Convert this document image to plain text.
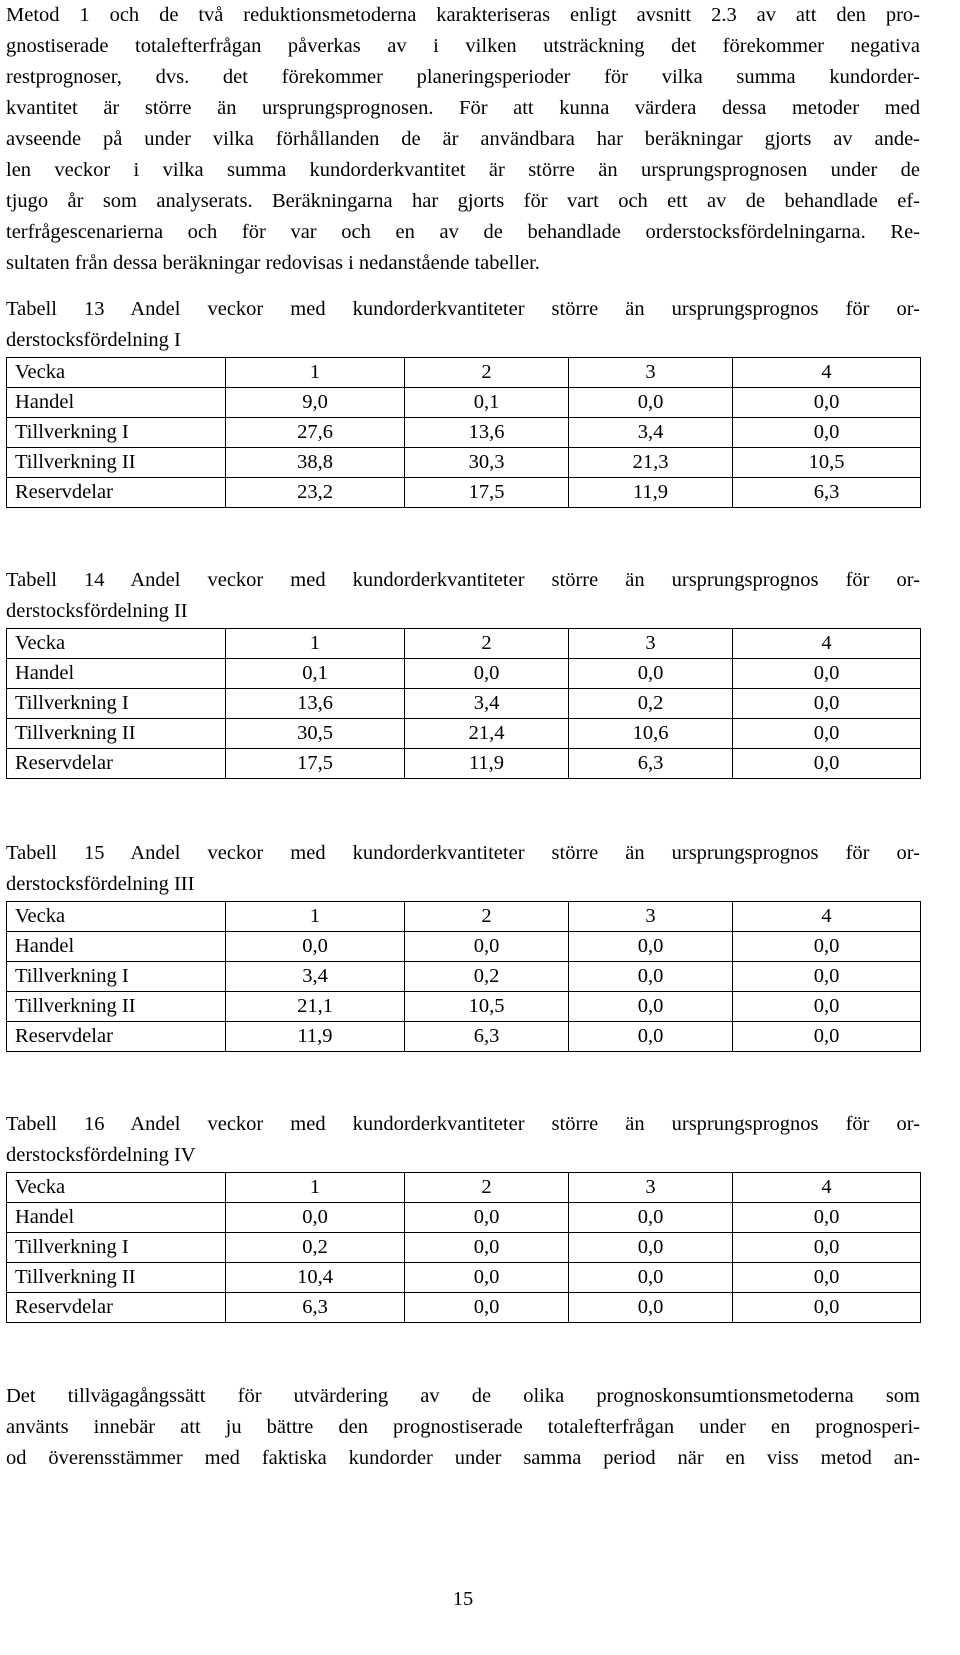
Metod 1 och de två reduktionsmetoderna karakteriseras enligt avsnitt 2.3 av att den pro-
gnostiserade totalefterfrågan påverkas av i vilken utsträckning det förekommer negativa
restprognoser, dvs. det förekommer planeringsperioder för vilka summa kundorder-
kvantitet är större än ursprungsprognosen. För att kunna värdera dessa metoder med
avseende på under vilka förhållanden de är användbara har beräkningar gjorts av ande-
len veckor i vilka summa kundorderkvantitet är större än ursprungsprognosen under de
tjugo år som analyserats. Beräkningarna har gjorts för vart och ett av de behandlade ef-
terfrågescenarierna och för var och en av de behandlade orderstocksfördelningarna. Re-
sultaten från dessa beräkningar redovisas i nedanstående tabeller.
Tabell 13 Andel veckor med kundorderkvantiteter större än ursprungsprognos för or-
derstocksfördelning I
Vecka	1	2	3	4
Handel	9,0	0,1	0,0	0,0
Tillverkning I	27,6	13,6	3,4	0,0
Tillverkning II	38,8	30,3	21,3	10,5
Reservdelar	23,2	17,5	11,9	6,3
Tabell 14 Andel veckor med kundorderkvantiteter större än ursprungsprognos för or-
derstocksfördelning II
Vecka	1	2	3	4
Handel	0,1	0,0	0,0	0,0
Tillverkning I	13,6	3,4	0,2	0,0
Tillverkning II	30,5	21,4	10,6	0,0
Reservdelar	17,5	11,9	6,3	0,0
Tabell 15 Andel veckor med kundorderkvantiteter större än ursprungsprognos för or-
derstocksfördelning III
Vecka	1	2	3	4
Handel	0,0	0,0	0,0	0,0
Tillverkning I	3,4	0,2	0,0	0,0
Tillverkning II	21,1	10,5	0,0	0,0
Reservdelar	11,9	6,3	0,0	0,0
Tabell 16 Andel veckor med kundorderkvantiteter större än ursprungsprognos för or-
derstocksfördelning IV
Vecka	1	2	3	4
Handel	0,0	0,0	0,0	0,0
Tillverkning I	0,2	0,0	0,0	0,0
Tillverkning II	10,4	0,0	0,0	0,0
Reservdelar	6,3	0,0	0,0	0,0
Det tillvägagångssätt för utvärdering av de olika prognoskonsumtionsmetoderna som
använts innebär att ju bättre den prognostiserade totalefterfrågan under en prognosperi-
od överensstämmer med faktiska kundorder under samma period när en viss metod an-
15
